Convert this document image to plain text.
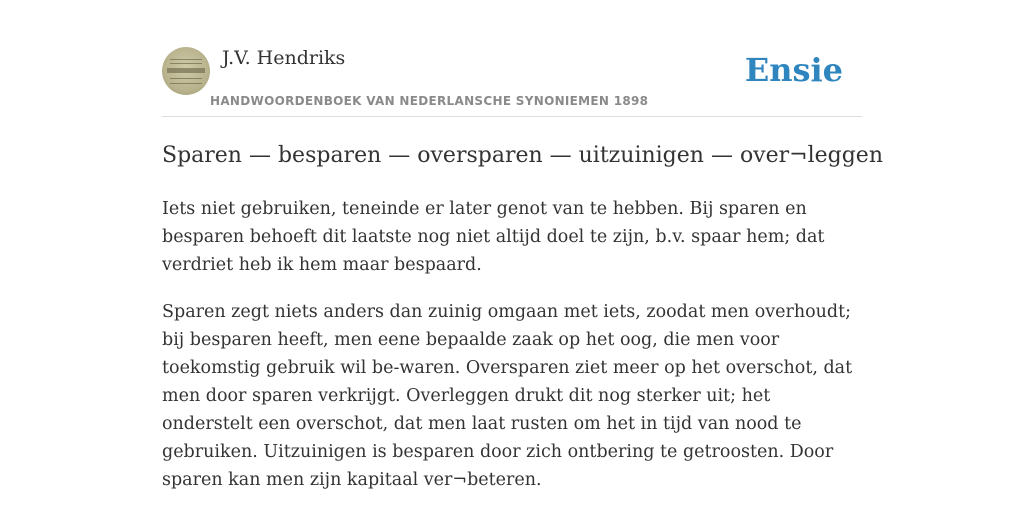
J.V. Hendriks

HANDWOORDENBOEK VAN NEDERLANSCHE SYNONIEMEN 1898
Ensie
Sparen — besparen — oversparen — uitzuinigen — over¬leggen

Iets niet gebruiken, teneinde er later genot van te hebben. Bij sparen en besparen behoeft dit laatste nog niet altijd doel te zijn, b.v. spaar hem; dat verdriet heb ik hem maar bespaard.

Sparen zegt niets anders dan zuinig omgaan met iets, zoodat men overhoudt; bij besparen heeft, men eene bepaalde zaak op het oog, die men voor toekomstig gebruik wil be-waren. Oversparen ziet meer op het overschot, dat men door sparen verkrijgt. Overleggen drukt dit nog sterker uit; het onderstelt een overschot, dat men laat rusten om het in tijd van nood te gebruiken. Uitzuinigen is besparen door zich ontbering te getroosten. Door sparen kan men zijn kapitaal ver¬beteren.
